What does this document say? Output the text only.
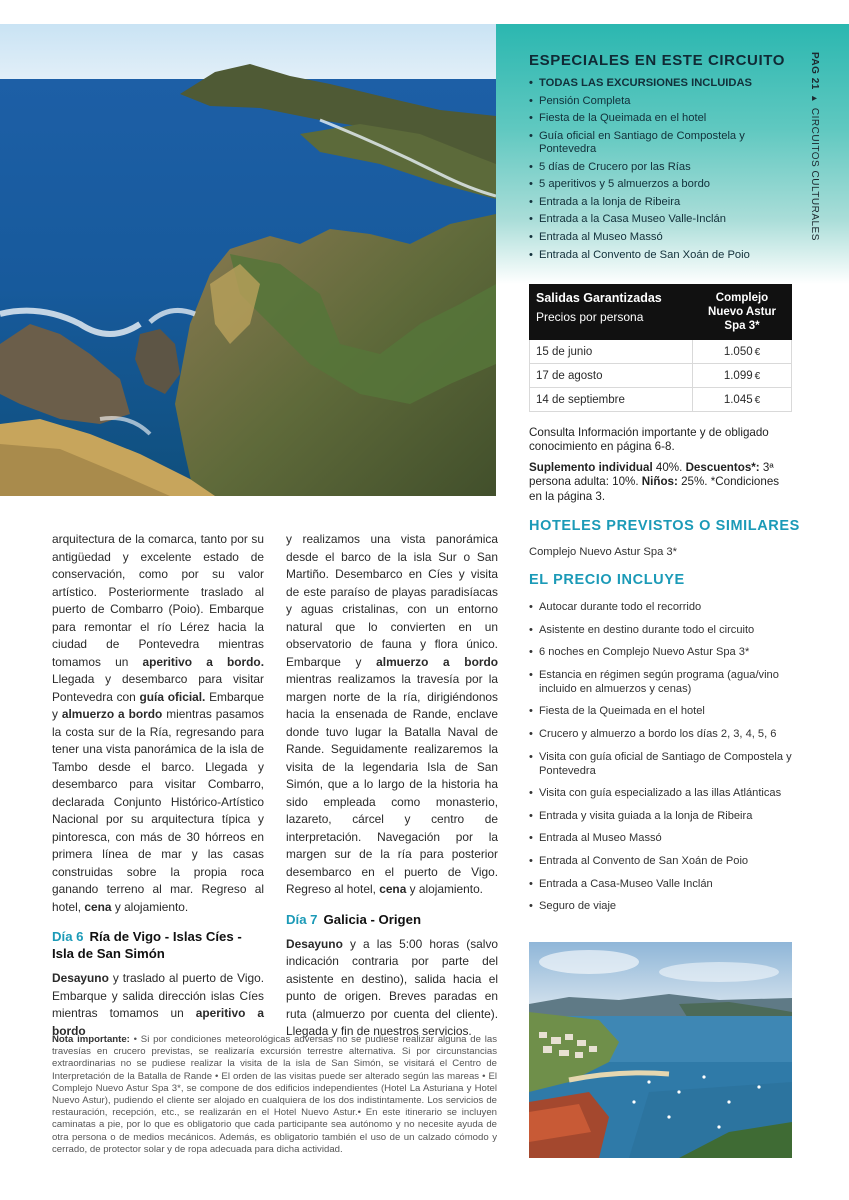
PAG 21 ▸ CIRCUITOS CULTURALES
ESPECIALES EN ESTE CIRCUITO
• TODAS LAS EXCURSIONES INCLUIDAS
• Pensión Completa
• Fiesta de la Queimada en el hotel
• Guía oficial en Santiago de Compostela y Pontevedra
• 5 días de Crucero por las Rías
• 5 aperitivos y 5 almuerzos a bordo
• Entrada a la lonja de Ribeira
• Entrada a la Casa Museo Valle-Inclán
• Entrada al Museo Massó
• Entrada al Convento de San Xoán de Poio
Salidas Garantizadas
Precios por persona	Complejo Nuevo Astur Spa 3*
15 de junio	1.050 €
17 de agosto	1.099 €
14 de septiembre	1.045 €

Consulta Información importante y de obligado conocimiento en página 6-8.

Suplemento individual 40%. Descuentos*: 3ª persona adulta: 10%. Niños: 25%. *Condiciones en la página 3.

HOTELES PREVISTOS O SIMILARES
Complejo Nuevo Astur Spa 3*
EL PRECIO INCLUYE
• Autocar durante todo el recorrido
• Asistente en destino durante todo el circuito
• 6 noches en Complejo Nuevo Astur Spa 3*
• Estancia en régimen según programa (agua/vino incluido en almuerzos y cenas)
• Fiesta de la Queimada en el hotel
• Crucero y almuerzo a bordo los días 2, 3, 4, 5, 6
• Visita con guía oficial de Santiago de Compostela y Pontevedra
• Visita con guía especializado a las illas Atlánticas
• Entrada y visita guiada a la lonja de Ribeira
• Entrada al Museo Massó
• Entrada al Convento de San Xoán de Poio
• Entrada a Casa-Museo Valle Inclán
• Seguro de viaje

arquitectura de la comarca, tanto por su antigüedad y excelente estado de conservación, como por su valor artístico. Posteriormente traslado al puerto de Combarro (Poio). Embarque para remontar el río Lérez hacia la ciudad de Pontevedra mientras tomamos un aperitivo a bordo. Llegada y desembarco para visitar Pontevedra con guía oficial. Embarque y almuerzo a bordo mientras pasamos la costa sur de la Ría, regresando para tener una vista panorámica de la isla de Tambo desde el barco. Llegada y desembarco para visitar Combarro, declarada Conjunto Histórico-Artístico Nacional por su arquitectura típica y pintoresca, con más de 30 hórreos en primera línea de mar y las casas construidas sobre la propia roca ganando terreno al mar. Regreso al hotel, cena y alojamiento.

Día 6 Ría de Vigo - Islas Cíes - Isla de San Simón

Desayuno y traslado al puerto de Vigo. Embarque y salida dirección islas Cíes mientras tomamos un aperitivo a bordo

y realizamos una vista panorámica desde el barco de la isla Sur o San Martiño. Desembarco en Cíes y visita de este paraíso de playas paradisíacas y aguas cristalinas, con un entorno natural que lo convierten en un observatorio de fauna y flora único. Embarque y almuerzo a bordo mientras realizamos la travesía por la margen norte de la ría, dirigiéndonos hacia la ensenada de Rande, enclave donde tuvo lugar la Batalla Naval de Rande. Seguidamente realizaremos la visita de la legendaria Isla de San Simón, que a lo largo de la historia ha sido empleada como monasterio, lazareto, cárcel y centro de interpretación. Navegación por la margen sur de la ría para posterior desembarco en el puerto de Vigo. Regreso al hotel, cena y alojamiento.

Día 7 Galicia - Origen

Desayuno y a las 5:00 horas (salvo indicación contraria por parte del asistente en destino), salida hacia el punto de origen. Breves paradas en ruta (almuerzo por cuenta del cliente). Llegada y fin de nuestros servicios.

Nota importante: • Si por condiciones meteorológicas adversas no se pudiese realizar alguna de las travesías en crucero previstas, se realizaría excursión terrestre alternativa. Si por circunstancias extraordinarias no se pudiese realizar la visita de la isla de San Simón, se visitará el Centro de Interpretación de la Batalla de Rande • El orden de las visitas puede ser alterado según las mareas • El Complejo Nuevo Astur Spa 3*, se compone de dos edificios independientes (Hotel La Asturiana y Hotel Nuevo Astur), pudiendo el cliente ser alojado en cualquiera de los dos indistintamente. Los servicios de restauración, recepción, etc., se realizarán en el Hotel Nuevo Astur.• En este itinerario se incluyen caminatas a pie, por lo que es obligatorio que cada participante sea autónomo y no necesite ayuda de otra persona o de medios mecánicos. Además, es obligatorio también el uso de un calzado cómodo y cerrado, de protector solar y de ropa adecuada para dicha actividad.
